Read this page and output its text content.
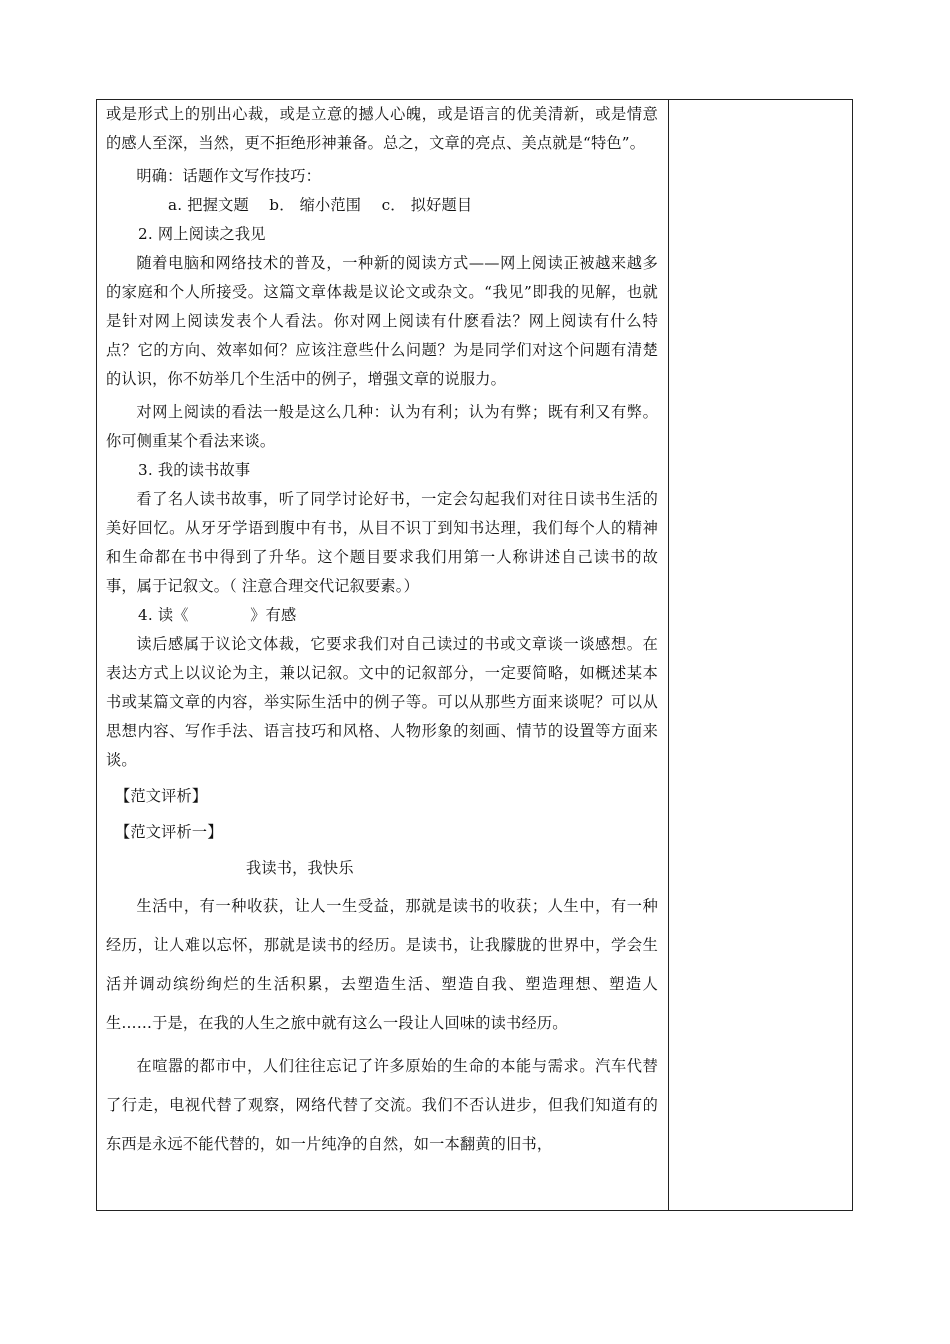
或是形式上的别出心裁，或是立意的撼人心魄，或是语言的优美清新，或是情意的感人至深，当然，更不拒绝形神兼备。总之，文章的亮点、美点就是“特色”。

明确：话题作文写作技巧：

a. 把握文题　 b． 缩小范围　 c． 拟好题目

2. 网上阅读之我见

随着电脑和网络技术的普及，一种新的阅读方式——网上阅读正被越来越多的家庭和个人所接受。这篇文章体裁是议论文或杂文。“我见”即我的见解，也就是针对网上阅读发表个人看法。你对网上阅读有什麽看法？网上阅读有什么特点？它的方向、效率如何？应该注意些什么问题？为是同学们对这个问题有清楚的认识，你不妨举几个生活中的例子，增强文章的说服力。

对网上阅读的看法一般是这么几种：认为有利；认为有弊；既有利又有弊。你可侧重某个看法来谈。

3. 我的读书故事

看了名人读书故事，听了同学讨论好书，一定会勾起我们对往日读书生活的美好回忆。从牙牙学语到腹中有书，从目不识丁到知书达理，我们每个人的精神和生命都在书中得到了升华。这个题目要求我们用第一人称讲述自己读书的故事，属于记叙文。（ 注意合理交代记叙要素。）

4. 读《　　　　》有感

读后感属于议论文体裁，它要求我们对自己读过的书或文章谈一谈感想。在表达方式上以议论为主，兼以记叙。文中的记叙部分，一定要简略，如概述某本书或某篇文章的内容，举实际生活中的例子等。可以从那些方面来谈呢？可以从思想内容、写作手法、语言技巧和风格、人物形象的刻画、情节的设置等方面来谈。

【范文评析】

【范文评析一】

我读书，我快乐

生活中，有一种收获，让人一生受益，那就是读书的收获；人生中，有一种经历，让人难以忘怀，那就是读书的经历。是读书，让我朦胧的世界中，学会生活并调动缤纷绚烂的生活积累，去塑造生活、塑造自我、塑造理想、塑造人生……于是，在我的人生之旅中就有这么一段让人回味的读书经历。

在喧嚣的都市中，人们往往忘记了许多原始的生命的本能与需求。汽车代替了行走，电视代替了观察，网络代替了交流。我们不否认进步，但我们知道有的东西是永远不能代替的，如一片纯净的自然，如一本翻黄的旧书，
